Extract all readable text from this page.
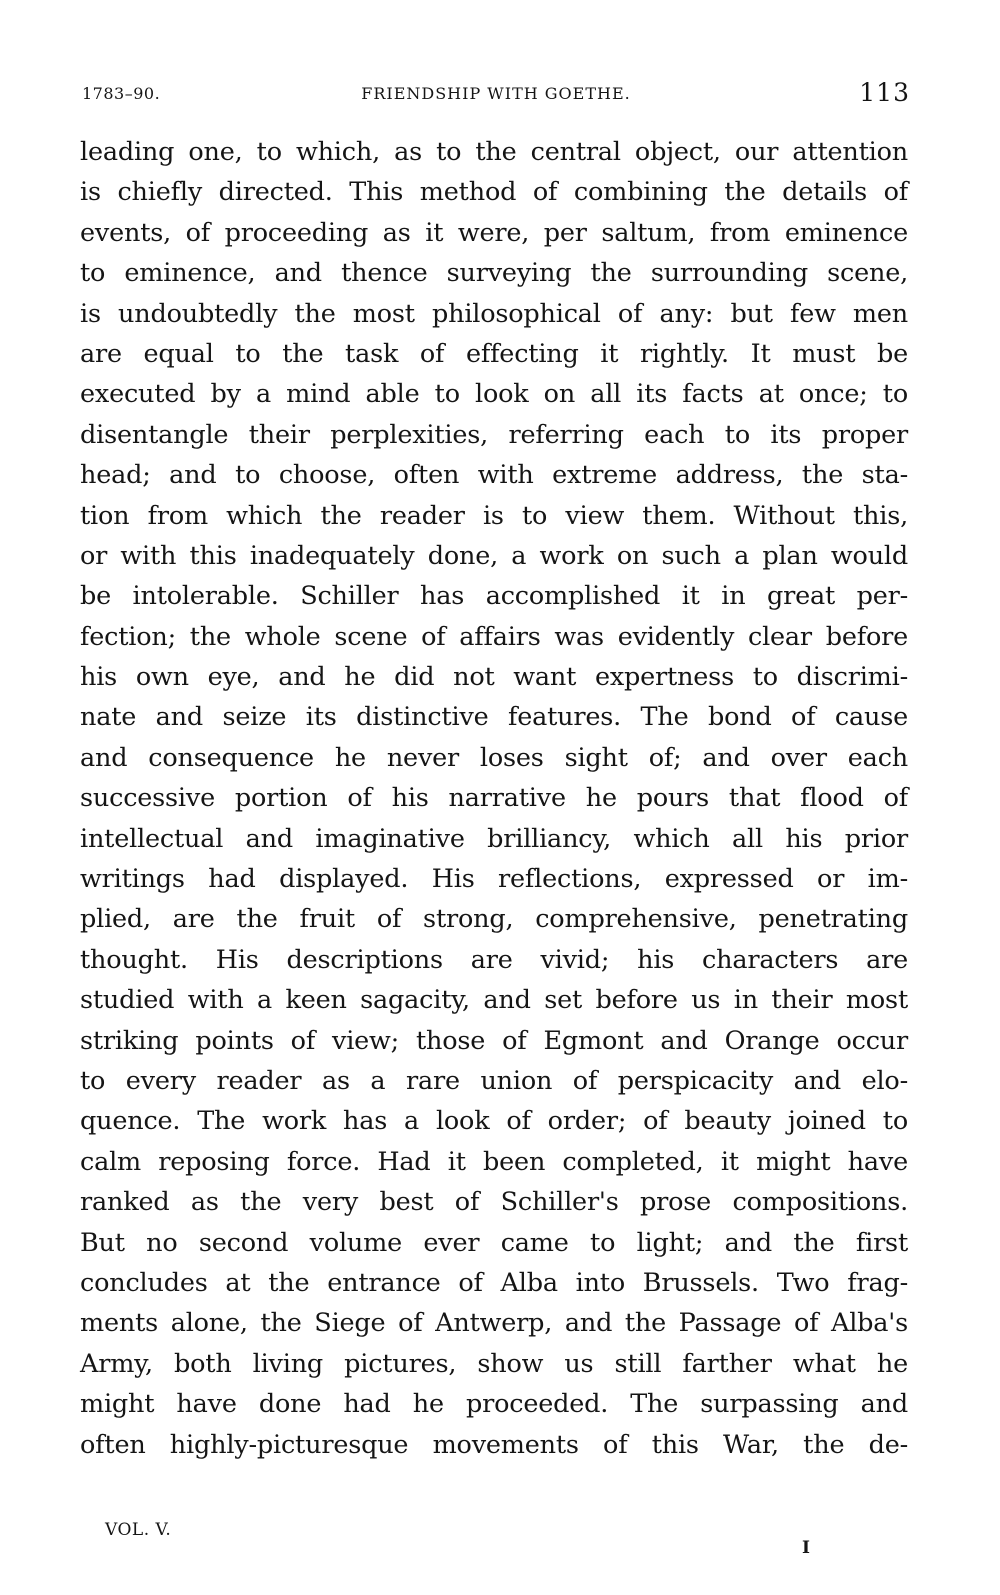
1783–90.	FRIENDSHIP WITH GOETHE.	113
leading one, to which, as to the central object, our attention
is chiefly directed. This method of combining the details of
events, of proceeding as it were, per saltum, from eminence
to eminence, and thence surveying the surrounding scene,
is undoubtedly the most philosophical of any: but few men
are equal to the task of effecting it rightly. It must be
executed by a mind able to look on all its facts at once; to
disentangle their perplexities, referring each to its proper
head; and to choose, often with extreme address, the sta-
tion from which the reader is to view them. Without this,
or with this inadequately done, a work on such a plan would
be intolerable. Schiller has accomplished it in great per-
fection; the whole scene of affairs was evidently clear before
his own eye, and he did not want expertness to discrimi-
nate and seize its distinctive features. The bond of cause
and consequence he never loses sight of; and over each
successive portion of his narrative he pours that flood of
intellectual and imaginative brilliancy, which all his prior
writings had displayed. His reflections, expressed or im-
plied, are the fruit of strong, comprehensive, penetrating
thought. His descriptions are vivid; his characters are
studied with a keen sagacity, and set before us in their most
striking points of view; those of Egmont and Orange occur
to every reader as a rare union of perspicacity and elo-
quence. The work has a look of order; of beauty joined to
calm reposing force. Had it been completed, it might have
ranked as the very best of Schiller's prose compositions.
But no second volume ever came to light; and the first
concludes at the entrance of Alba into Brussels. Two frag-
ments alone, the Siege of Antwerp, and the Passage of Alba's
Army, both living pictures, show us still farther what he
might have done had he proceeded. The surpassing and
often highly-picturesque movements of this War, the de-
VOL. V.
I
